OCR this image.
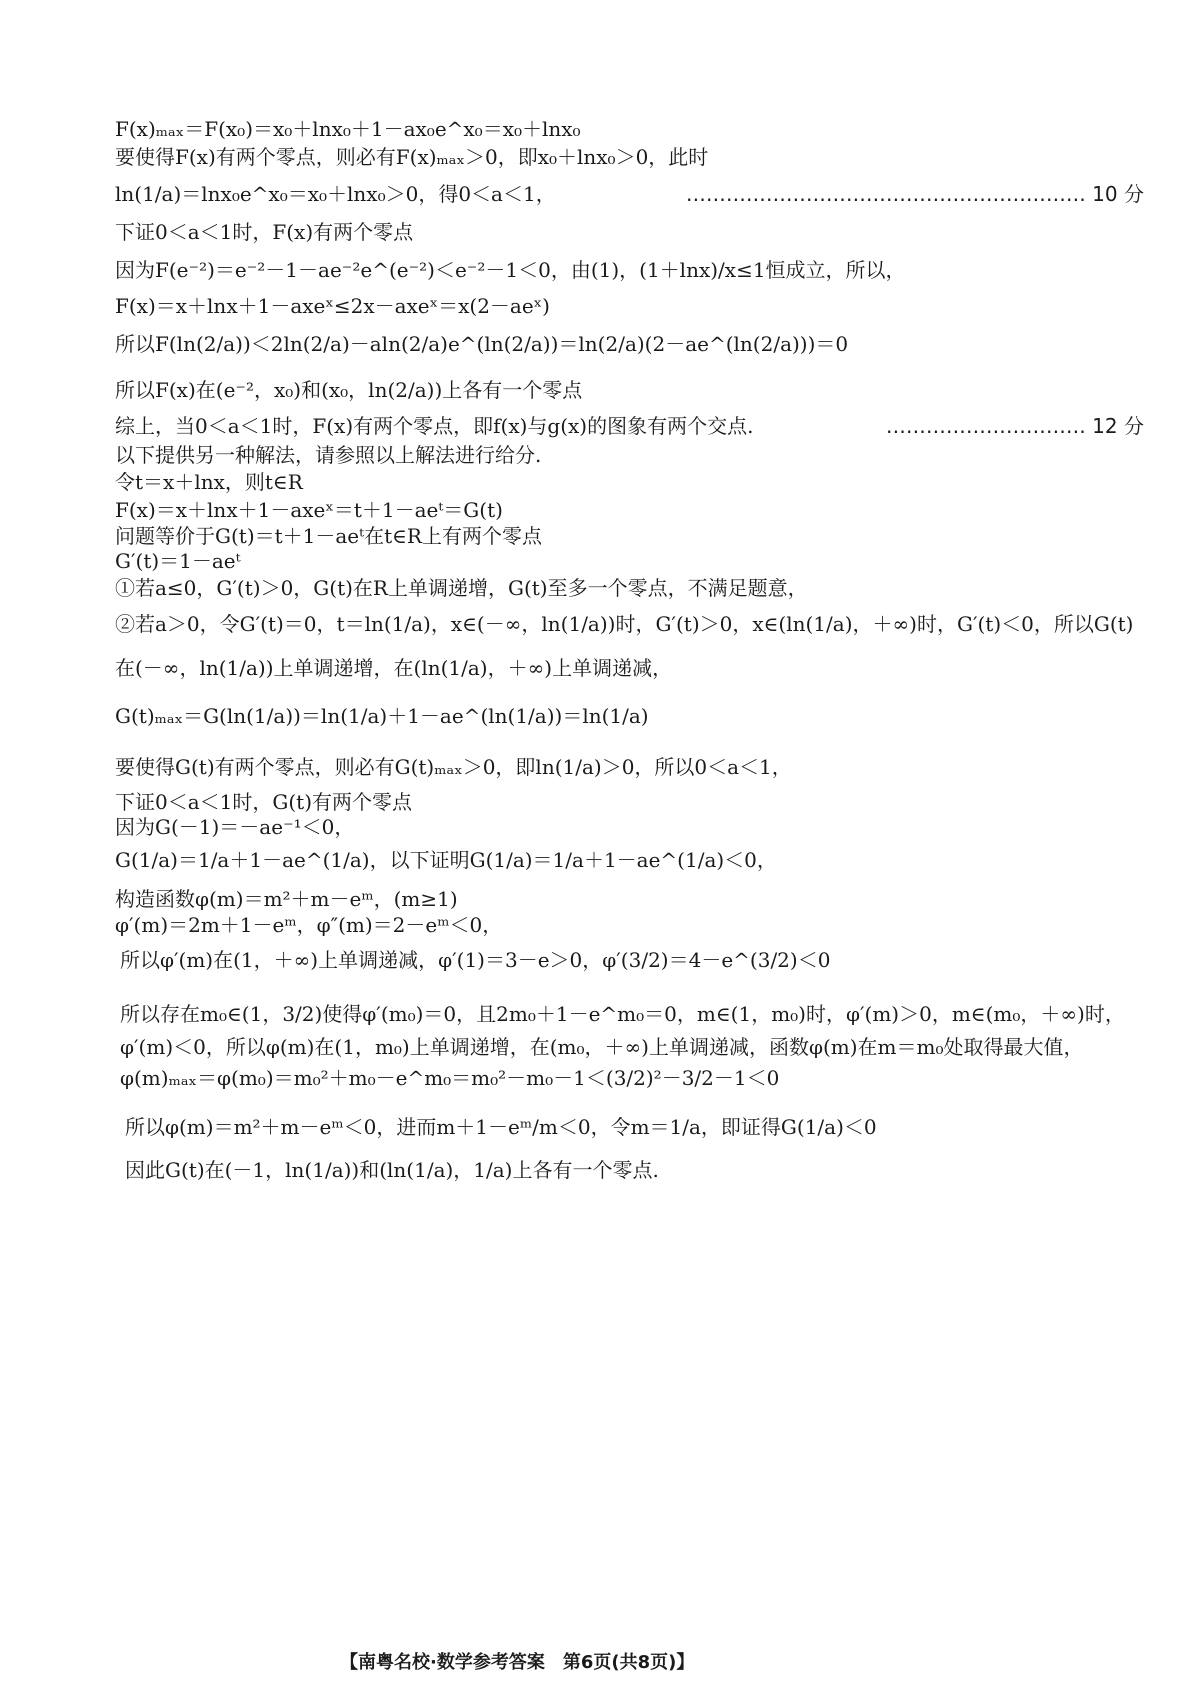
F(x)ₘₐₓ＝F(x₀)＝x₀＋lnx₀＋1－ax₀e^x₀＝x₀＋lnx₀
要使得F(x)有两个零点，则必有F(x)ₘₐₓ＞0，即x₀＋lnx₀＞0，此时
ln(1/a)＝lnx₀e^x₀＝x₀＋lnx₀＞0，得0＜a＜1，	…………………………………………………… 10 分
下证0＜a＜1时，F(x)有两个零点
因为F(e⁻²)＝e⁻²－1－ae⁻²e^(e⁻²)＜e⁻²－1＜0，由(1)，(1＋lnx)/x≤1恒成立，所以，
F(x)＝x＋lnx＋1－axeˣ≤2x－axeˣ＝x(2－aeˣ)
所以F(ln(2/a))＜2ln(2/a)－aln(2/a)e^(ln(2/a))＝ln(2/a)(2－ae^(ln(2/a)))＝0
所以F(x)在(e⁻²，x₀)和(x₀，ln(2/a))上各有一个零点
综上，当0＜a＜1时，F(x)有两个零点，即f(x)与g(x)的图象有两个交点.	………………………… 12 分
以下提供另一种解法，请参照以上解法进行给分.
令t＝x＋lnx，则t∈R
F(x)＝x＋lnx＋1－axeˣ＝t＋1－aeᵗ＝G(t)
问题等价于G(t)＝t＋1－aeᵗ在t∈R上有两个零点
G′(t)＝1－aeᵗ
①若a≤0，G′(t)＞0，G(t)在R上单调递增，G(t)至多一个零点，不满足题意，
②若a＞0，令G′(t)＝0，t＝ln(1/a)，x∈(－∞，ln(1/a))时，G′(t)＞0，x∈(ln(1/a)，＋∞)时，G′(t)＜0，所以G(t)
在(－∞，ln(1/a))上单调递增，在(ln(1/a)，＋∞)上单调递减，
G(t)ₘₐₓ＝G(ln(1/a))＝ln(1/a)＋1－ae^(ln(1/a))＝ln(1/a)
要使得G(t)有两个零点，则必有G(t)ₘₐₓ＞0，即ln(1/a)＞0，所以0＜a＜1，
下证0＜a＜1时，G(t)有两个零点
因为G(－1)＝－ae⁻¹＜0，
G(1/a)＝1/a＋1－ae^(1/a)，以下证明G(1/a)＝1/a＋1－ae^(1/a)＜0，
构造函数φ(m)＝m²＋m－eᵐ，(m≥1)
φ′(m)＝2m＋1－eᵐ，φ″(m)＝2－eᵐ＜0，
所以φ′(m)在(1，＋∞)上单调递减，φ′(1)＝3－e＞0，φ′(3/2)＝4－e^(3/2)＜0
所以存在m₀∈(1，3/2)使得φ′(m₀)＝0，且2m₀＋1－e^m₀＝0，m∈(1，m₀)时，φ′(m)＞0，m∈(m₀，＋∞)时，
φ′(m)＜0，所以φ(m)在(1，m₀)上单调递增，在(m₀，＋∞)上单调递减，函数φ(m)在m＝m₀处取得最大值，
φ(m)ₘₐₓ＝φ(m₀)＝m₀²＋m₀－e^m₀＝m₀²－m₀－1＜(3/2)²－3/2－1＜0
所以φ(m)＝m²＋m－eᵐ＜0，进而m＋1－eᵐ/m＜0，令m＝1/a，即证得G(1/a)＜0
因此G(t)在(－1，ln(1/a))和(ln(1/a)，1/a)上各有一个零点.
【南粤名校·数学参考答案　第6页(共8页)】
